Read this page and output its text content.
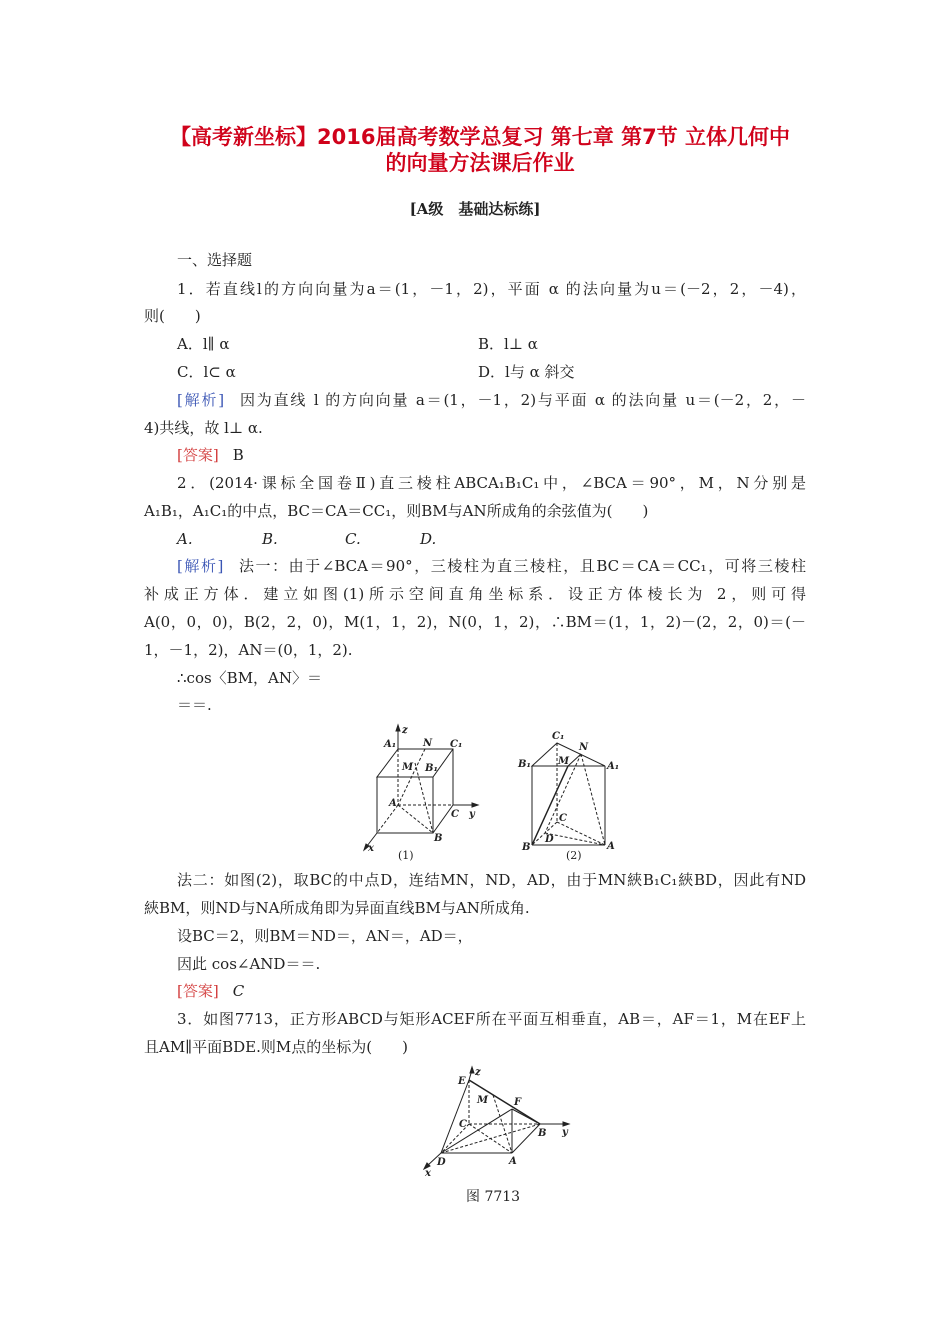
【高考新坐标】2016届高考数学总复习 第七章 第7节 立体几何中
的向量方法课后作业
[A级　基础达标练]
一、选择题
1．若直线l的方向向量为a＝(1，－1，2)，平面 α 的法向量为u＝(－2，2，－4)，
则(　　)
A．l∥ α	B．l⊥ α
C．l⊂ α	D．l与 α 斜交
[解析] 因为直线 l 的方向向量 a＝(1，－1，2)与平面 α 的法向量 u＝(－2，2，－
4)共线，故 l⊥ α.
[答案] B
2．(2014·课标全国卷Ⅱ)直三棱柱ABCA₁B₁C₁中，∠BCA＝90°，M，N分别是
A₁B₁，A₁C₁的中点，BC＝CA＝CC₁，则BM与AN所成角的余弦值为(　　)
A.	B.	C.	D.
[解析] 法一：由于∠BCA＝90°，三棱柱为直三棱柱，且BC＝CA＝CC₁，可将三棱柱
补成正方体．建立如图(1)所示空间直角坐标系．设正方体棱长为 2，则可得
A(0，0，0)，B(2，2，0)，M(1，1，2)，N(0，1，2)，∴BM＝(1，1，2)－(2，2，0)＝(－
1，－1，2)，AN＝(0，1，2).
∴cos〈BM，AN〉＝
＝＝.
z
A₁	N C₁
M B₁
A
C y
B
x
(1)
C₁
N
B₁	M	A₁
C
D
B	A
(2)
z
E
M	F
C
B y
D	A
x
图 7713
法二：如图(2)，取BC的中点D，连结MN，ND，AD，由于MN綊B₁C₁綊BD，因此有ND
綊BM，则ND与NA所成角即为异面直线BM与AN所成角.
设BC＝2，则BM＝ND＝，AN＝，AD＝，
因此 cos∠AND＝＝.
[答案] C
3．如图7713，正方形ABCD与矩形ACEF所在平面互相垂直，AB＝，AF＝1，M在EF上
且AM∥平面BDE.则M点的坐标为(　　)
